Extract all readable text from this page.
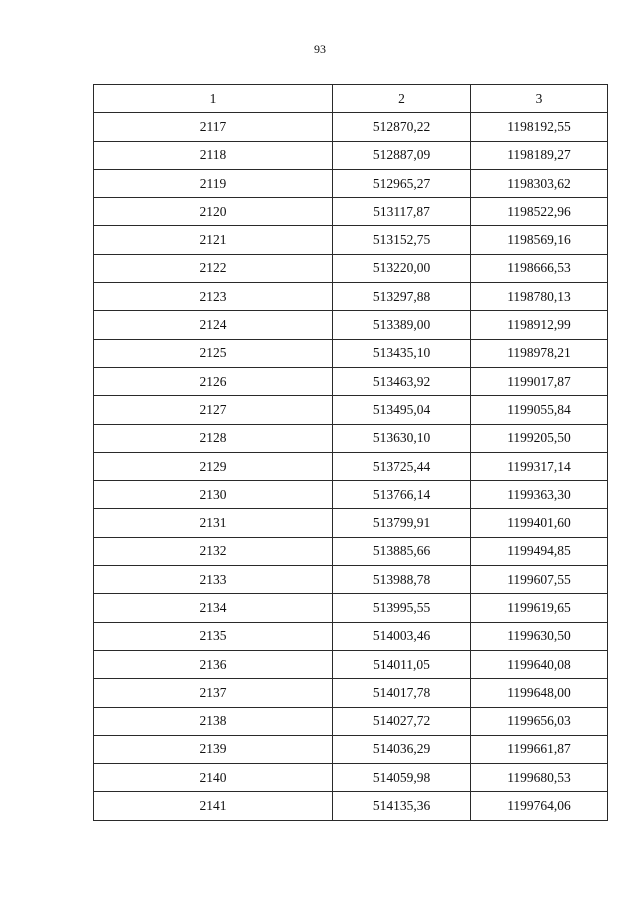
93
1	2	3
2117	512870,22	1198192,55
2118	512887,09	1198189,27
2119	512965,27	1198303,62
2120	513117,87	1198522,96
2121	513152,75	1198569,16
2122	513220,00	1198666,53
2123	513297,88	1198780,13
2124	513389,00	1198912,99
2125	513435,10	1198978,21
2126	513463,92	1199017,87
2127	513495,04	1199055,84
2128	513630,10	1199205,50
2129	513725,44	1199317,14
2130	513766,14	1199363,30
2131	513799,91	1199401,60
2132	513885,66	1199494,85
2133	513988,78	1199607,55
2134	513995,55	1199619,65
2135	514003,46	1199630,50
2136	514011,05	1199640,08
2137	514017,78	1199648,00
2138	514027,72	1199656,03
2139	514036,29	1199661,87
2140	514059,98	1199680,53
2141	514135,36	1199764,06
